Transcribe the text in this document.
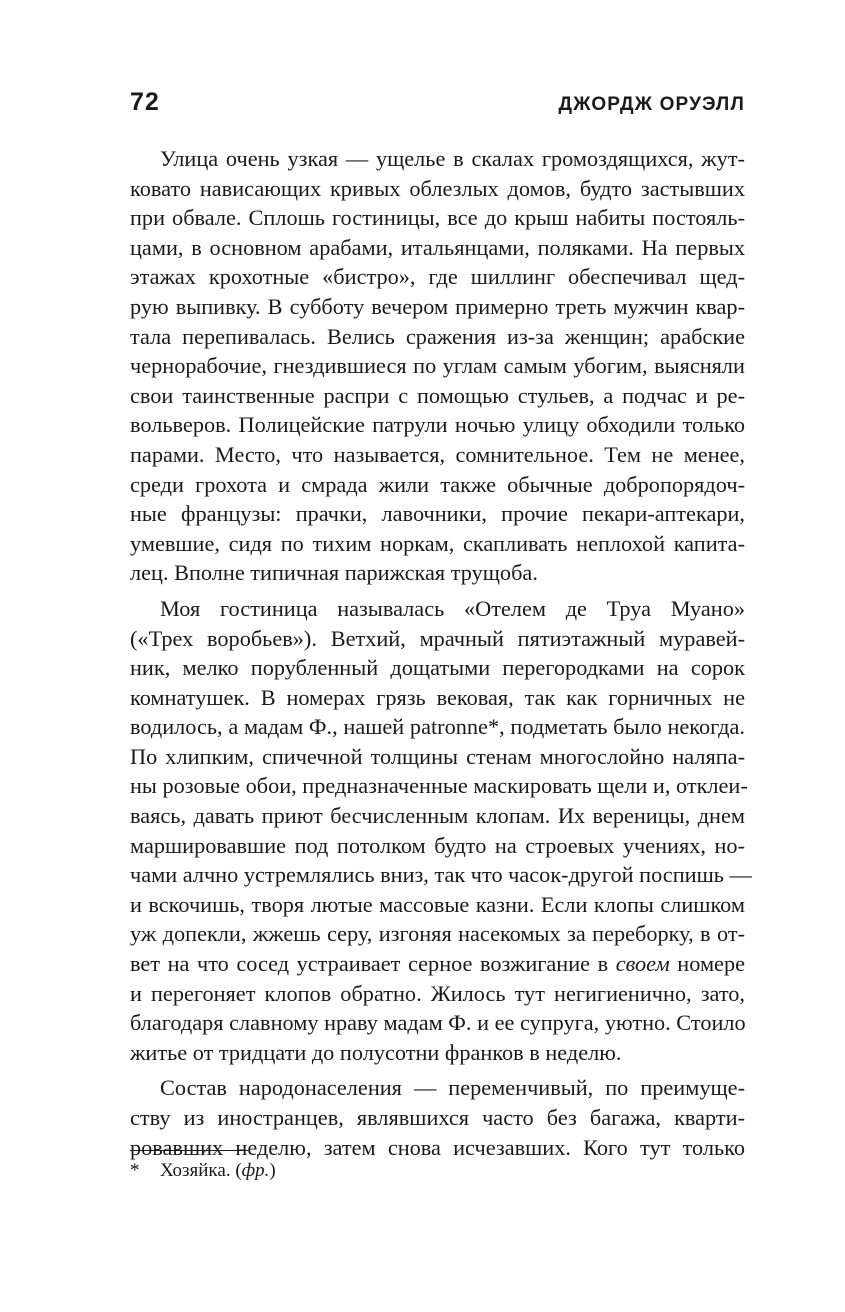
72	ДЖОРДЖ ОРУЭЛЛ
Улица очень узкая — ущелье в скалах громоздящихся, жут-
ковато нависающих кривых облезлых домов, будто застывших
при обвале. Сплошь гостиницы, все до крыш набиты постояль-
цами, в основном арабами, итальянцами, поляками. На первых
этажах крохотные «бистро», где шиллинг обеспечивал щед-
рую выпивку. В субботу вечером примерно треть мужчин квар-
тала перепивалась. Велись сражения из-за женщин; арабские
чернорабочие, гнездившиеся по углам самым убогим, выясняли
свои таинственные распри с помощью стульев, а подчас и ре-
вольверов. Полицейские патрули ночью улицу обходили только
парами. Место, что называется, сомнительное. Тем не менее,
среди грохота и смрада жили также обычные добропорядоч-
ные французы: прачки, лавочники, прочие пекари-аптекари,
умевшие, сидя по тихим норкам, скапливать неплохой капита-
лец. Вполне типичная парижская трущоба.
Моя гостиница называлась «Отелем де Труа Муано»
(«Трех воробьев»). Ветхий, мрачный пятиэтажный муравей-
ник, мелко порубленный дощатыми перегородками на сорок
комнатушек. В номерах грязь вековая, так как горничных не
водилось, а мадам Ф., нашей patronne*, подметать было некогда.
По хлипким, спичечной толщины стенам многослойно наляпа-
ны розовые обои, предназначенные маскировать щели и, отклеи-
ваясь, давать приют бесчисленным клопам. Их вереницы, днем
маршировавшие под потолком будто на строевых учениях, но-
чами алчно устремлялись вниз, так что часок-другой поспишь —
и вскочишь, творя лютые массовые казни. Если клопы слишком
уж допекли, жжешь серу, изгоняя насекомых за переборку, в от-
вет на что сосед устраивает серное возжигание в своем номере
и перегоняет клопов обратно. Жилось тут негигиенично, зато,
благодаря славному нраву мадам Ф. и ее супруга, уютно. Стоило
житье от тридцати до полусотни франков в неделю.
Состав народонаселения — переменчивый, по преимуще-
ству из иностранцев, являвшихся часто без багажа, кварти-
ровавших неделю, затем снова исчезавших. Кого тут только
* Хозяйка. (фр.)
